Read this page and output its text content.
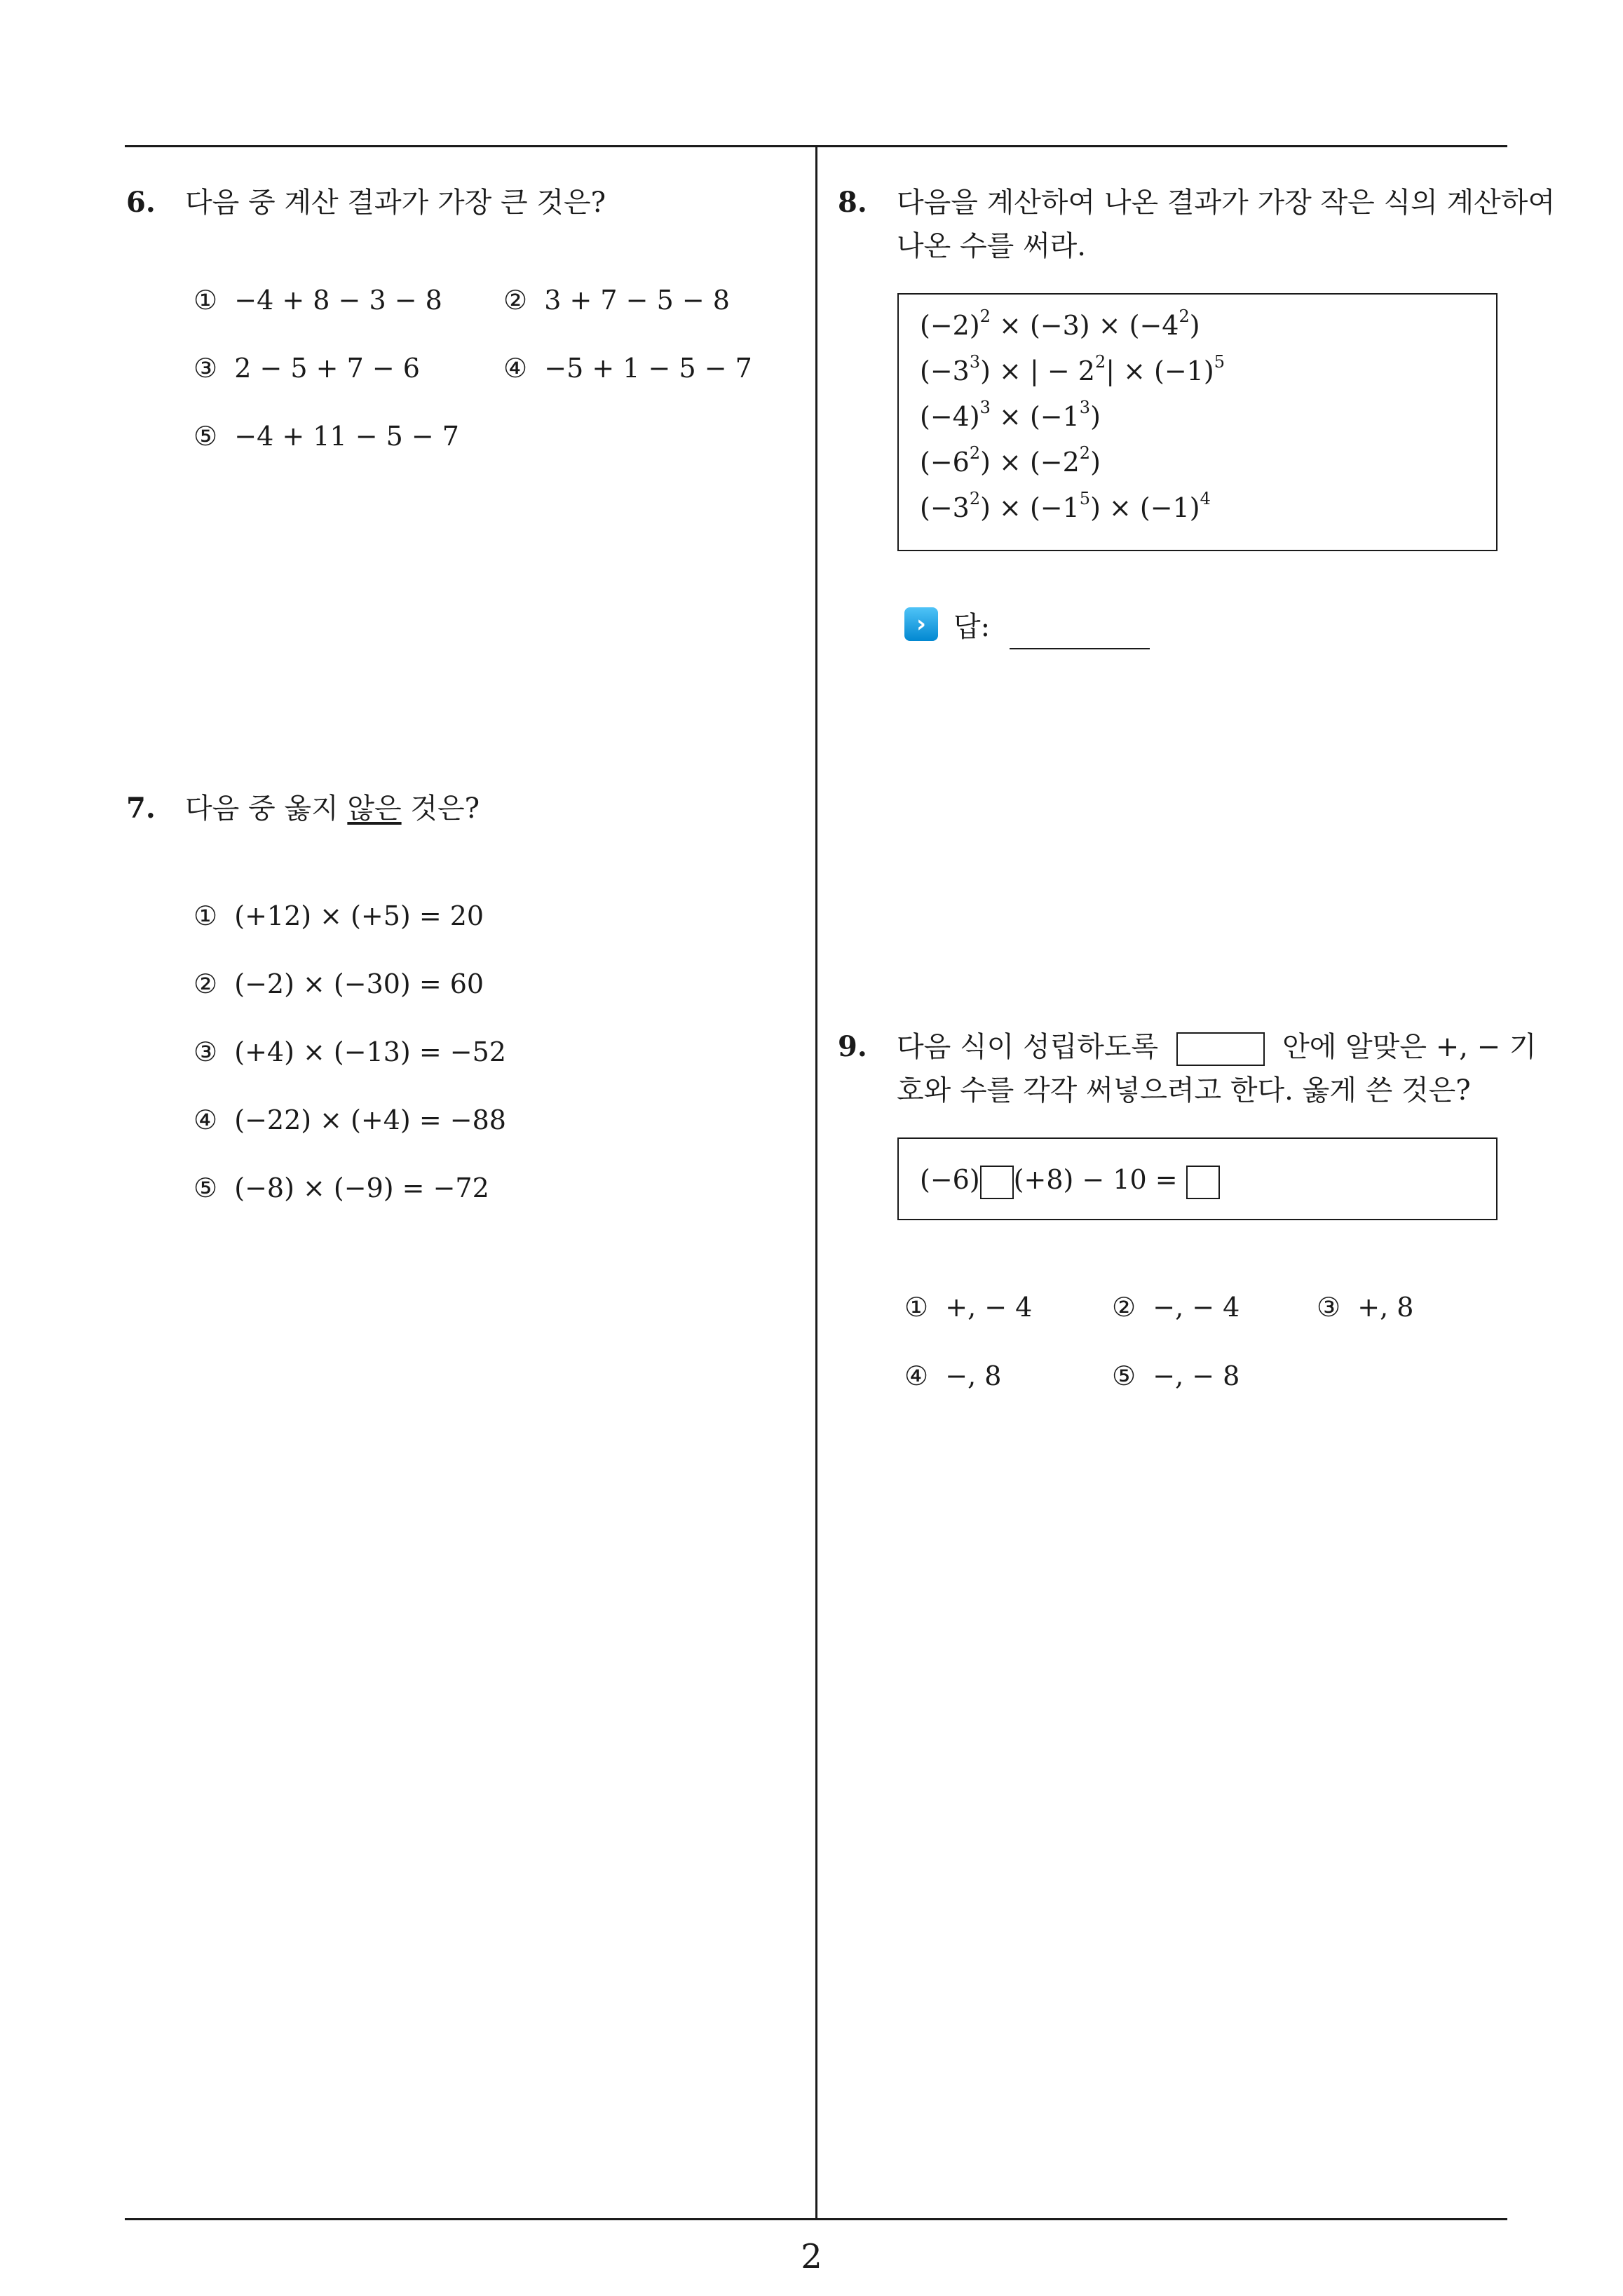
6. 다음 중 계산 결과가 가장 큰 것은?
① −4 + 8 − 3 − 8 ② 3 + 7 − 5 − 8
③ 2 − 5 + 7 − 6	④ −5 + 1 − 5 − 7
⑤ −4 + 11 − 5 − 7
7. 다음 중 옳지 않은 것은?
① (+12) × (+5) = 20
② (−2) × (−30) = 60
③ (+4) × (−13) = −52
④ (−22) × (+4) = −88
⑤ (−8) × (−9) = −72
8. 다음을 계산하여 나온 결과가 가장 작은 식의 계산하여
나온 수를 써라.
$(-2)^2 \times (-3) \times (-4^2)$
$(-3^3)$ × | − $2^2| \times (-1)^5$
$(-4)^3 \times (-1^3)$
$(-6^2) \times (-2^2)$
$(-3^2) \times (-1^5) \times (-1)^4$
› 답:
9. 다음 식이 성립하도록	안에 알맞은 +, − 기
호와 수를 각각 써넣으려고 한다. 옳게 쓴 것은?
(−6) (+8) − 10 =
① +, − 4	② −, − 4	③ +, 8
④ −, 8	⑤ −, − 8
2
